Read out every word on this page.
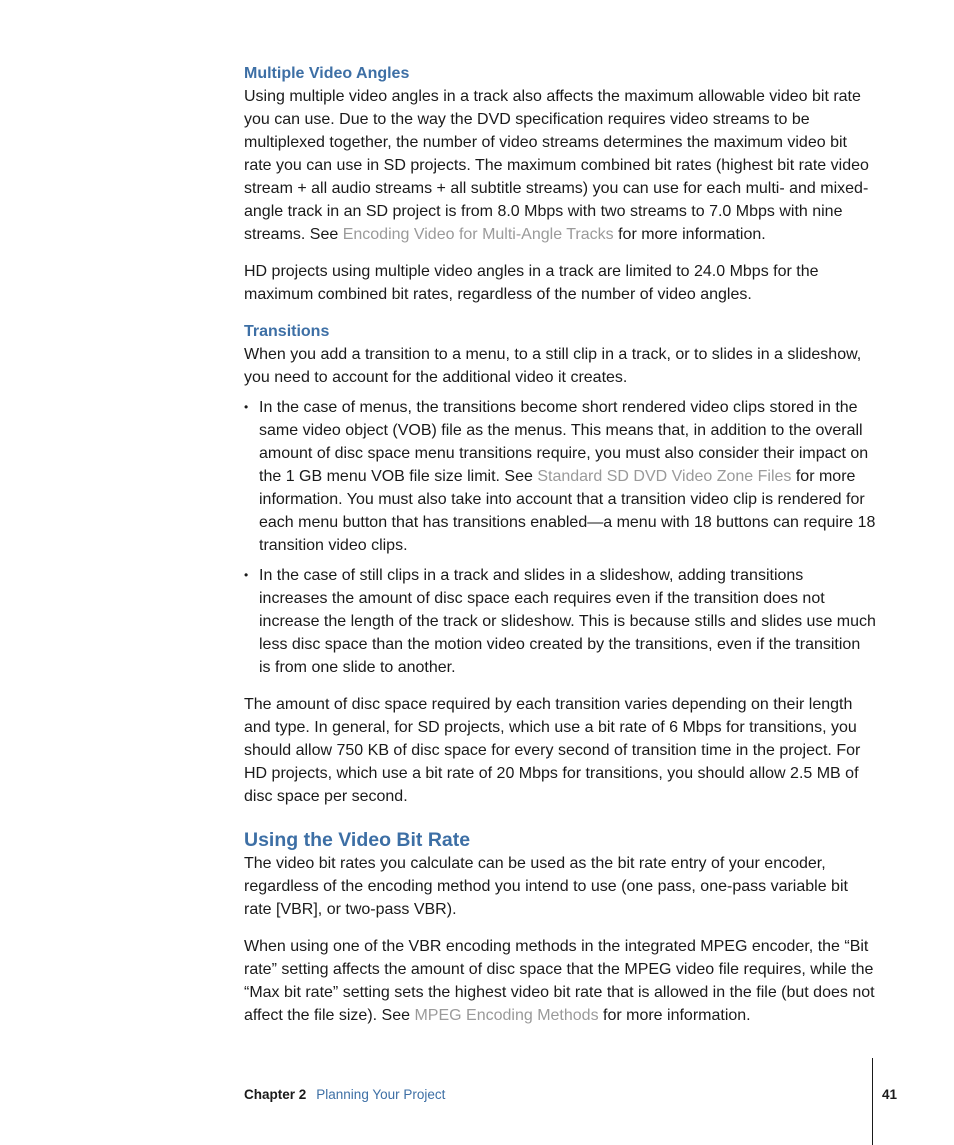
Multiple Video Angles

Using multiple video angles in a track also affects the maximum allowable video bit rate you can use. Due to the way the DVD specification requires video streams to be multiplexed together, the number of video streams determines the maximum video bit rate you can use in SD projects. The maximum combined bit rates (highest bit rate video stream + all audio streams + all subtitle streams) you can use for each multi- and mixed-angle track in an SD project is from 8.0 Mbps with two streams to 7.0 Mbps with nine streams. See Encoding Video for Multi-Angle Tracks for more information.

HD projects using multiple video angles in a track are limited to 24.0 Mbps for the maximum combined bit rates, regardless of the number of video angles.

Transitions

When you add a transition to a menu, to a still clip in a track, or to slides in a slideshow, you need to account for the additional video it creates.

• In the case of menus, the transitions become short rendered video clips stored in the same video object (VOB) file as the menus. This means that, in addition to the overall amount of disc space menu transitions require, you must also consider their impact on the 1 GB menu VOB file size limit. See Standard SD DVD Video Zone Files for more information. You must also take into account that a transition video clip is rendered for each menu button that has transitions enabled—a menu with 18 buttons can require 18 transition video clips.
• In the case of still clips in a track and slides in a slideshow, adding transitions increases the amount of disc space each requires even if the transition does not increase the length of the track or slideshow. This is because stills and slides use much less disc space than the motion video created by the transitions, even if the transition is from one slide to another.

The amount of disc space required by each transition varies depending on their length and type. In general, for SD projects, which use a bit rate of 6 Mbps for transitions, you should allow 750 KB of disc space for every second of transition time in the project. For HD projects, which use a bit rate of 20 Mbps for transitions, you should allow 2.5 MB of disc space per second.

Using the Video Bit Rate

The video bit rates you calculate can be used as the bit rate entry of your encoder, regardless of the encoding method you intend to use (one pass, one-pass variable bit rate [VBR], or two-pass VBR).

When using one of the VBR encoding methods in the integrated MPEG encoder, the “Bit rate” setting affects the amount of disc space that the MPEG video file requires, while the “Max bit rate” setting sets the highest video bit rate that is allowed in the file (but does not affect the file size). See MPEG Encoding Methods for more information.

Chapter 2 Planning Your Project	41
